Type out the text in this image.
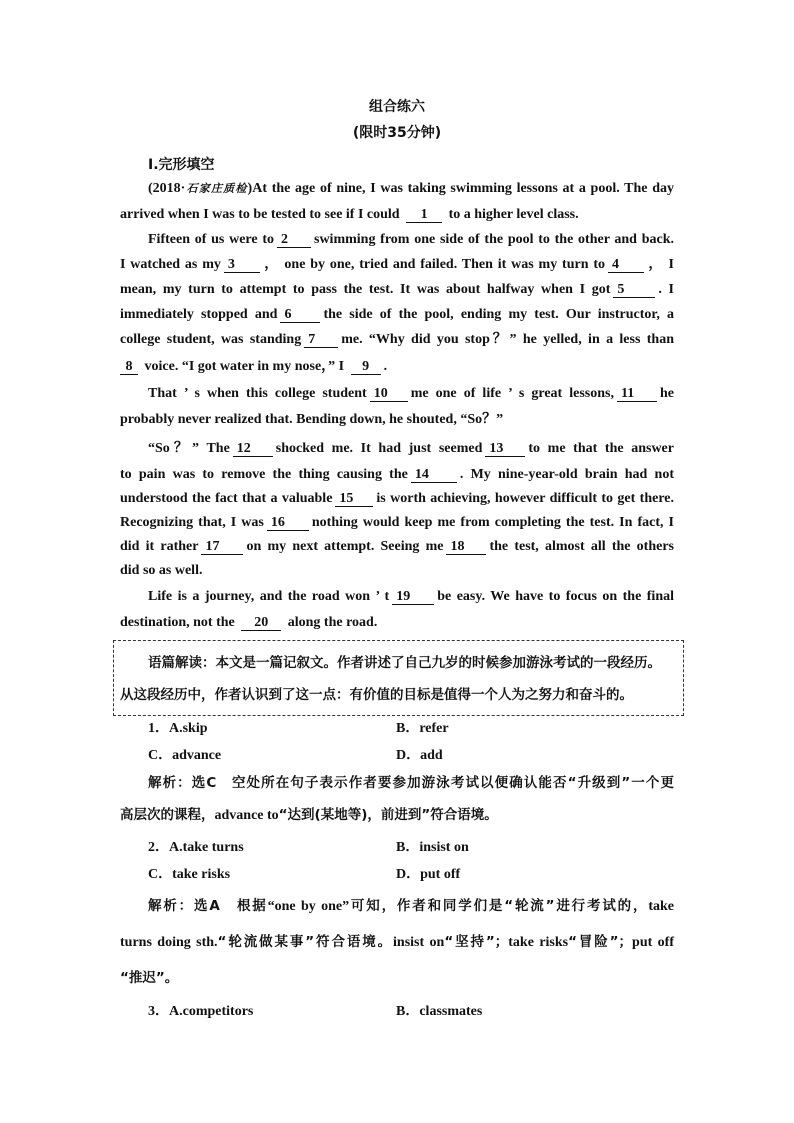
组合练六
(限时35分钟)
Ⅰ.完形填空
(2018·石家庄质检)At the age of nine, I was taking swimming lessons at a pool. The day
arrived when I was to be tested to see if I could 1 to a higher level class.
Fifteen of us were to 2 swimming from one side of the pool to the other and back.
I watched as my 3 ， one by one, tried and failed. Then it was my turn to 4 ， I
mean, my turn to attempt to pass the test. It was about halfway when I got 5 . I
immediately stopped and 6 the side of the pool, ending my test. Our instructor, a
college student, was standing 7 me. “Why did you stop？” he yelled, in a less than
8 voice. “I got water in my nose，” I 9 .
That ’ s when this college student 10 me one of life ’ s great lessons, 11 he
probably never realized that. Bending down, he shouted, “So？”
“So？” The 12 shocked me. It had just seemed 13 to me that the answer
to pain was to remove the thing causing the 14 . My nine-year-old brain had not
understood the fact that a valuable 15 is worth achieving, however difficult to get there.
Recognizing that, I was 16 nothing would keep me from completing the test. In fact, I
did it rather 17 on my next attempt. Seeing me 18 the test, almost all the others
did so as well.
Life is a journey, and the road won ’ t 19 be easy. We have to focus on the final
destination, not the 20 along the road.
语篇解读：本文是一篇记叙文。作者讲述了自己九岁的时候参加游泳考试的一段经历。
从这段经历中，作者认识到了这一点：有价值的目标是值得一个人为之努力和奋斗的。
1．A.skip	B．refer
C．advance	D．add
解析：选C　空处所在句子表示作者要参加游泳考试以便确认能否“升级到”一个更
高层次的课程，advance to“达到(某地等)，前进到”符合语境。
2．A.take turns	B．insist on
C．take risks	D．put off
解析：选A　根据“one by one”可知，作者和同学们是“轮流”进行考试的，take
turns doing sth.“轮流做某事”符合语境。insist on“坚持”；take risks“冒险”；put off
“推迟”。
3．A.competitors	B．classmates
